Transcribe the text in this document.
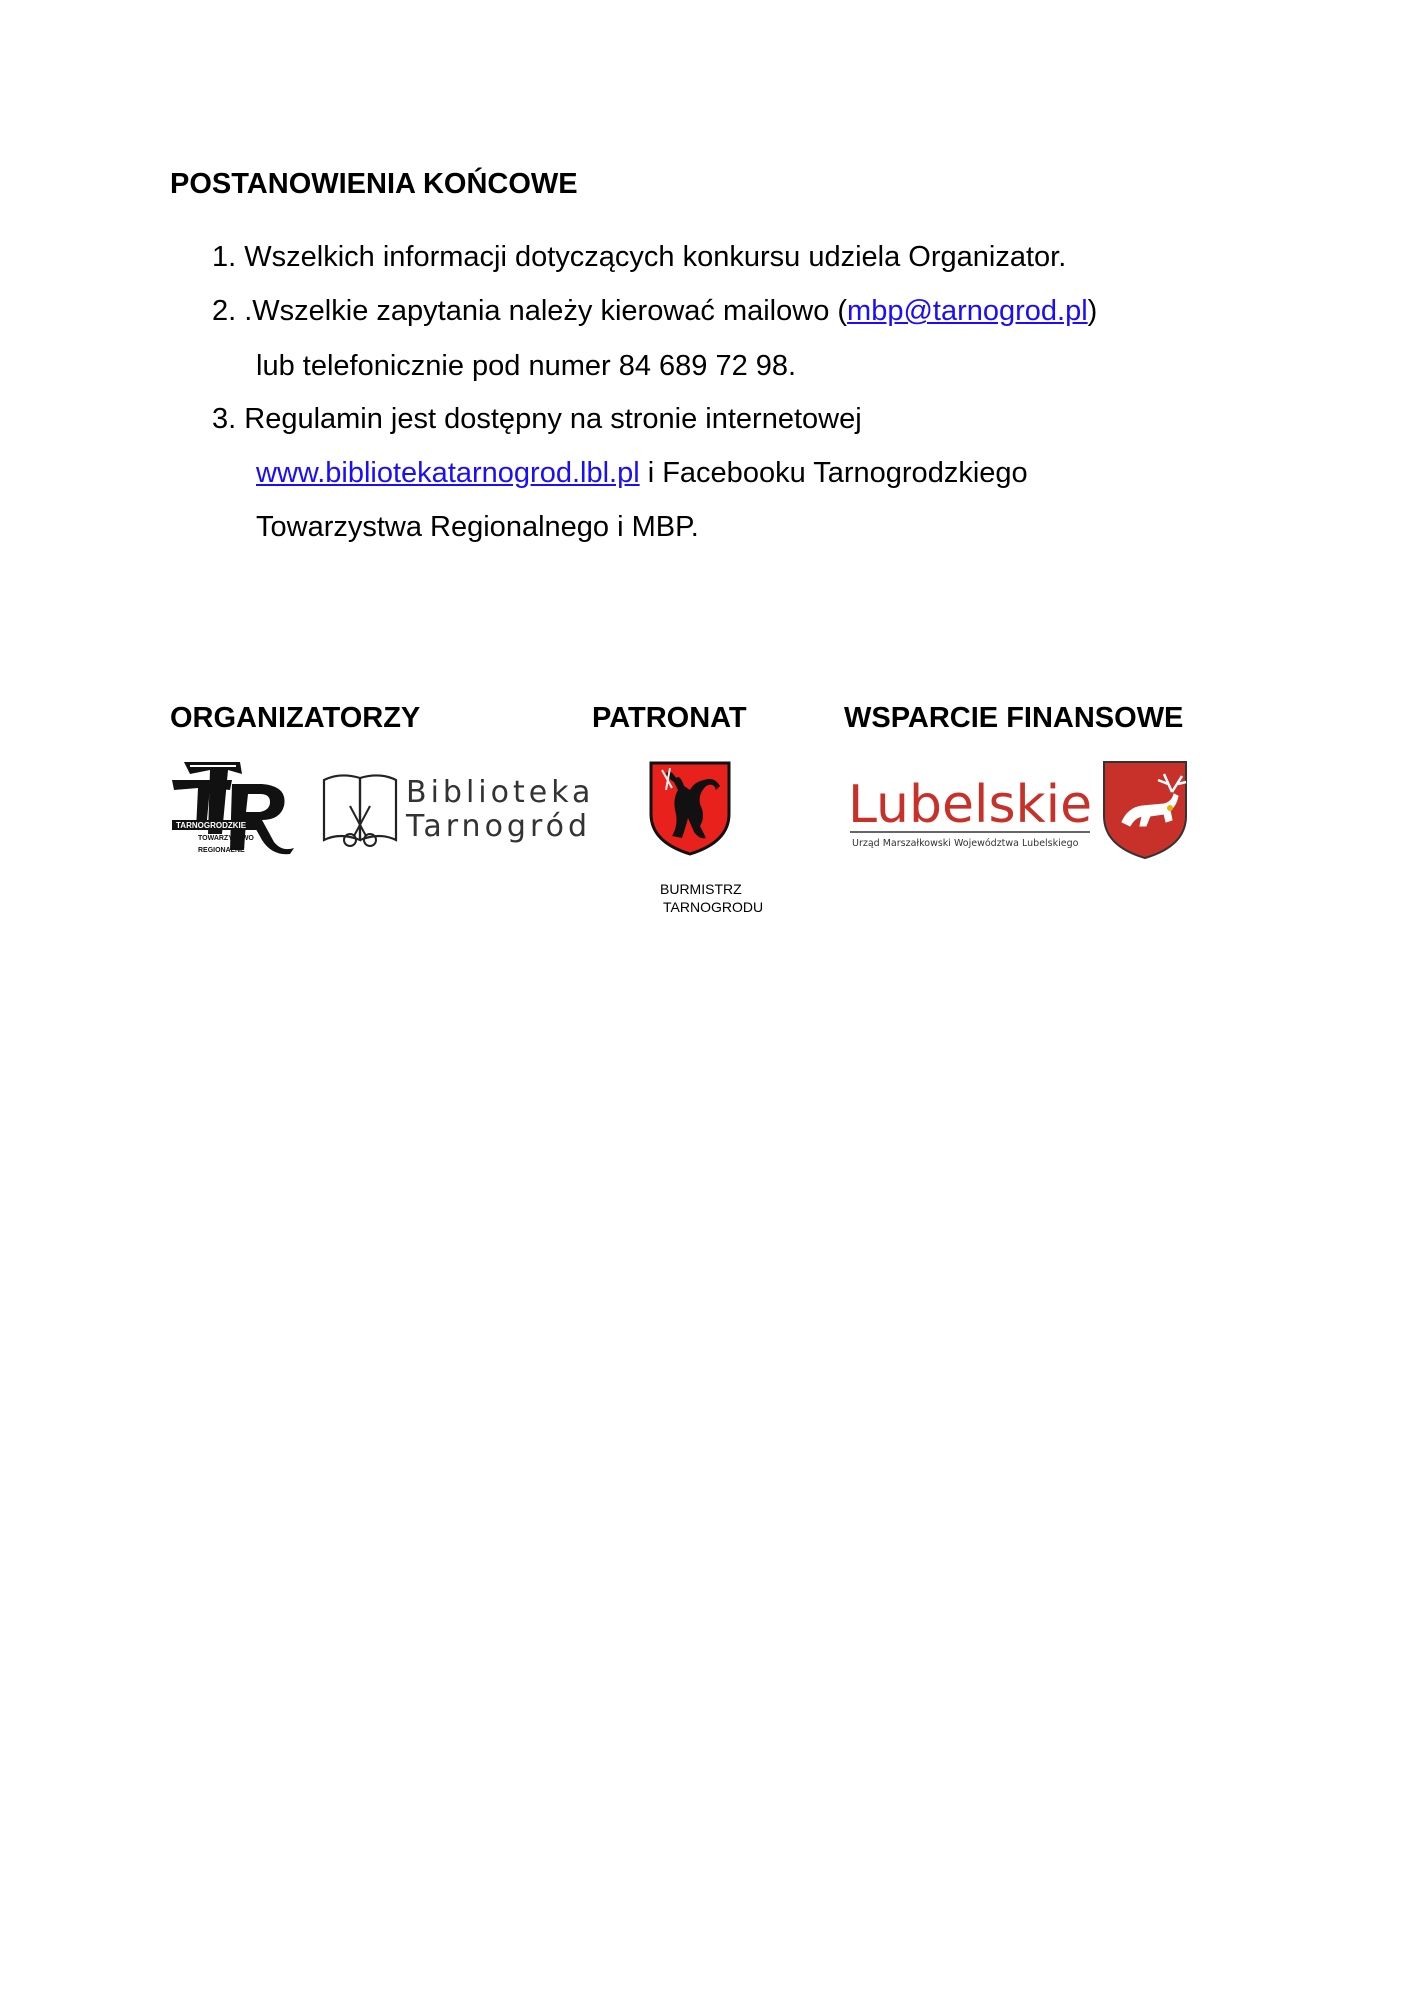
POSTANOWIENIA KOŃCOWE
1. Wszelkich informacji dotyczących konkursu udziela Organizator.
2. .Wszelkie zapytania należy kierować mailowo (mbp@tarnogrod.pl)
lub telefonicznie pod numer 84 689 72 98.
3. Regulamin jest dostępny na stronie internetowej
www.bibliotekatarnogrod.lbl.pl i Facebooku Tarnogrodzkiego
Towarzystwa Regionalnego i MBP.
ORGANIZATORZY	PATRONAT	WSPARCIE FINANSOWE
TARNOGRODZKIE
TOWARZYSTWO
REGIONALNE
Biblioteka
Tarnogród
BURMISTRZ
TARNOGRODU
Lubelskie
Urząd Marszałkowski Województwa Lubelskiego
